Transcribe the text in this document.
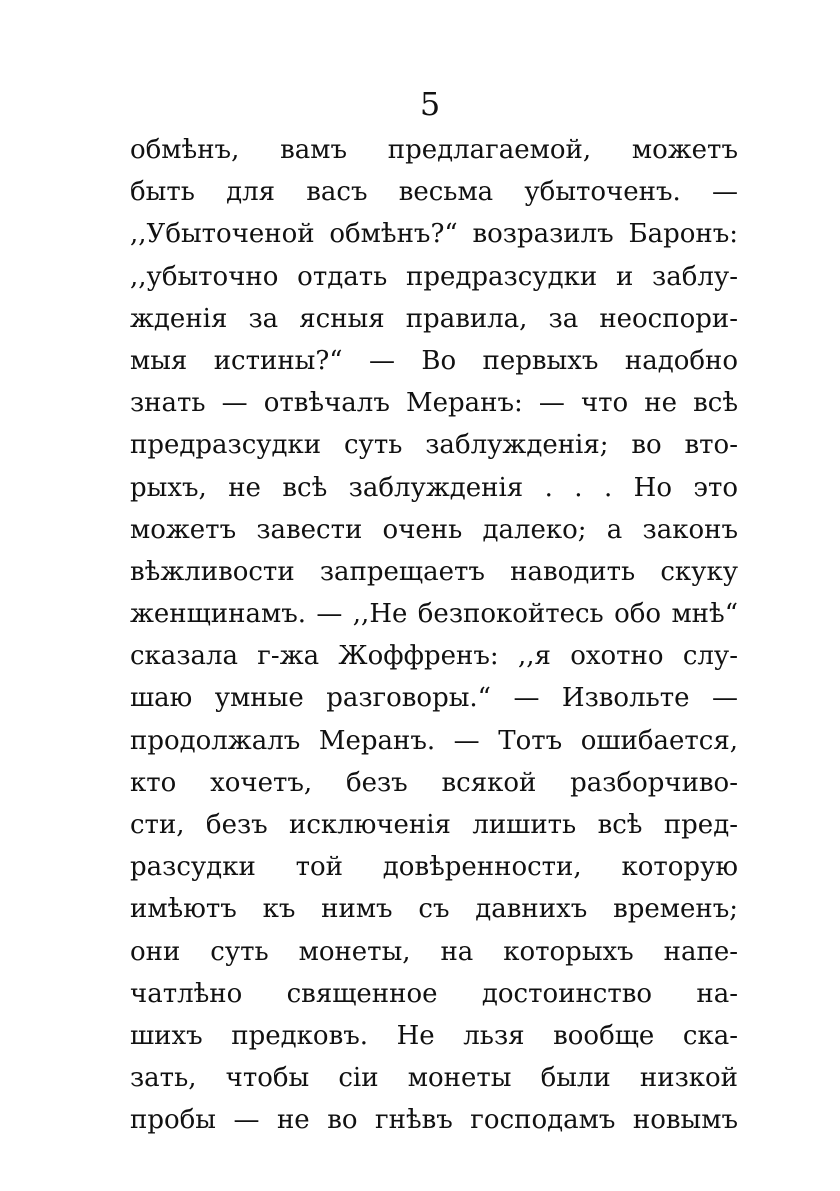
5
обмѣнъ, вамъ предлагаемой, можетъ
быть для васъ весьма убыточенъ. —
,,Убыточеной обмѣнъ?“ возразилъ Баронъ:
,,убыточно отдать предразсудки и заблу-
жденія за ясныя правила, за неоспори-
мыя истины?“ — Во первыхъ надобно
знать — отвѣчалъ Меранъ: — что не всѣ
предразсудки суть заблужденія; во вто-
рыхъ, не всѣ заблужденія . . . Но это
можетъ завести очень далеко; а законъ
вѣжливости запрещаетъ наводить скуку
женщинамъ. — ,,Не безпокойтесь обо мнѣ“
сказала г-жа Жоффренъ: ,,я охотно слу-
шаю умные разговоры.“ — Извольте —
продолжалъ Меранъ. — Тотъ ошибается,
кто хочетъ, безъ всякой разборчиво-
сти, безъ исключенія лишить всѣ пред-
разсудки той довѣренности, которую
имѣютъ къ нимъ съ давнихъ временъ;
они суть монеты, на которыхъ напе-
чатлѣно священное достоинство на-
шихъ предковъ. Не льзя вообще ска-
зать, чтобы сіи монеты были низкой
пробы — не во гнѣвъ господамъ новымъ
